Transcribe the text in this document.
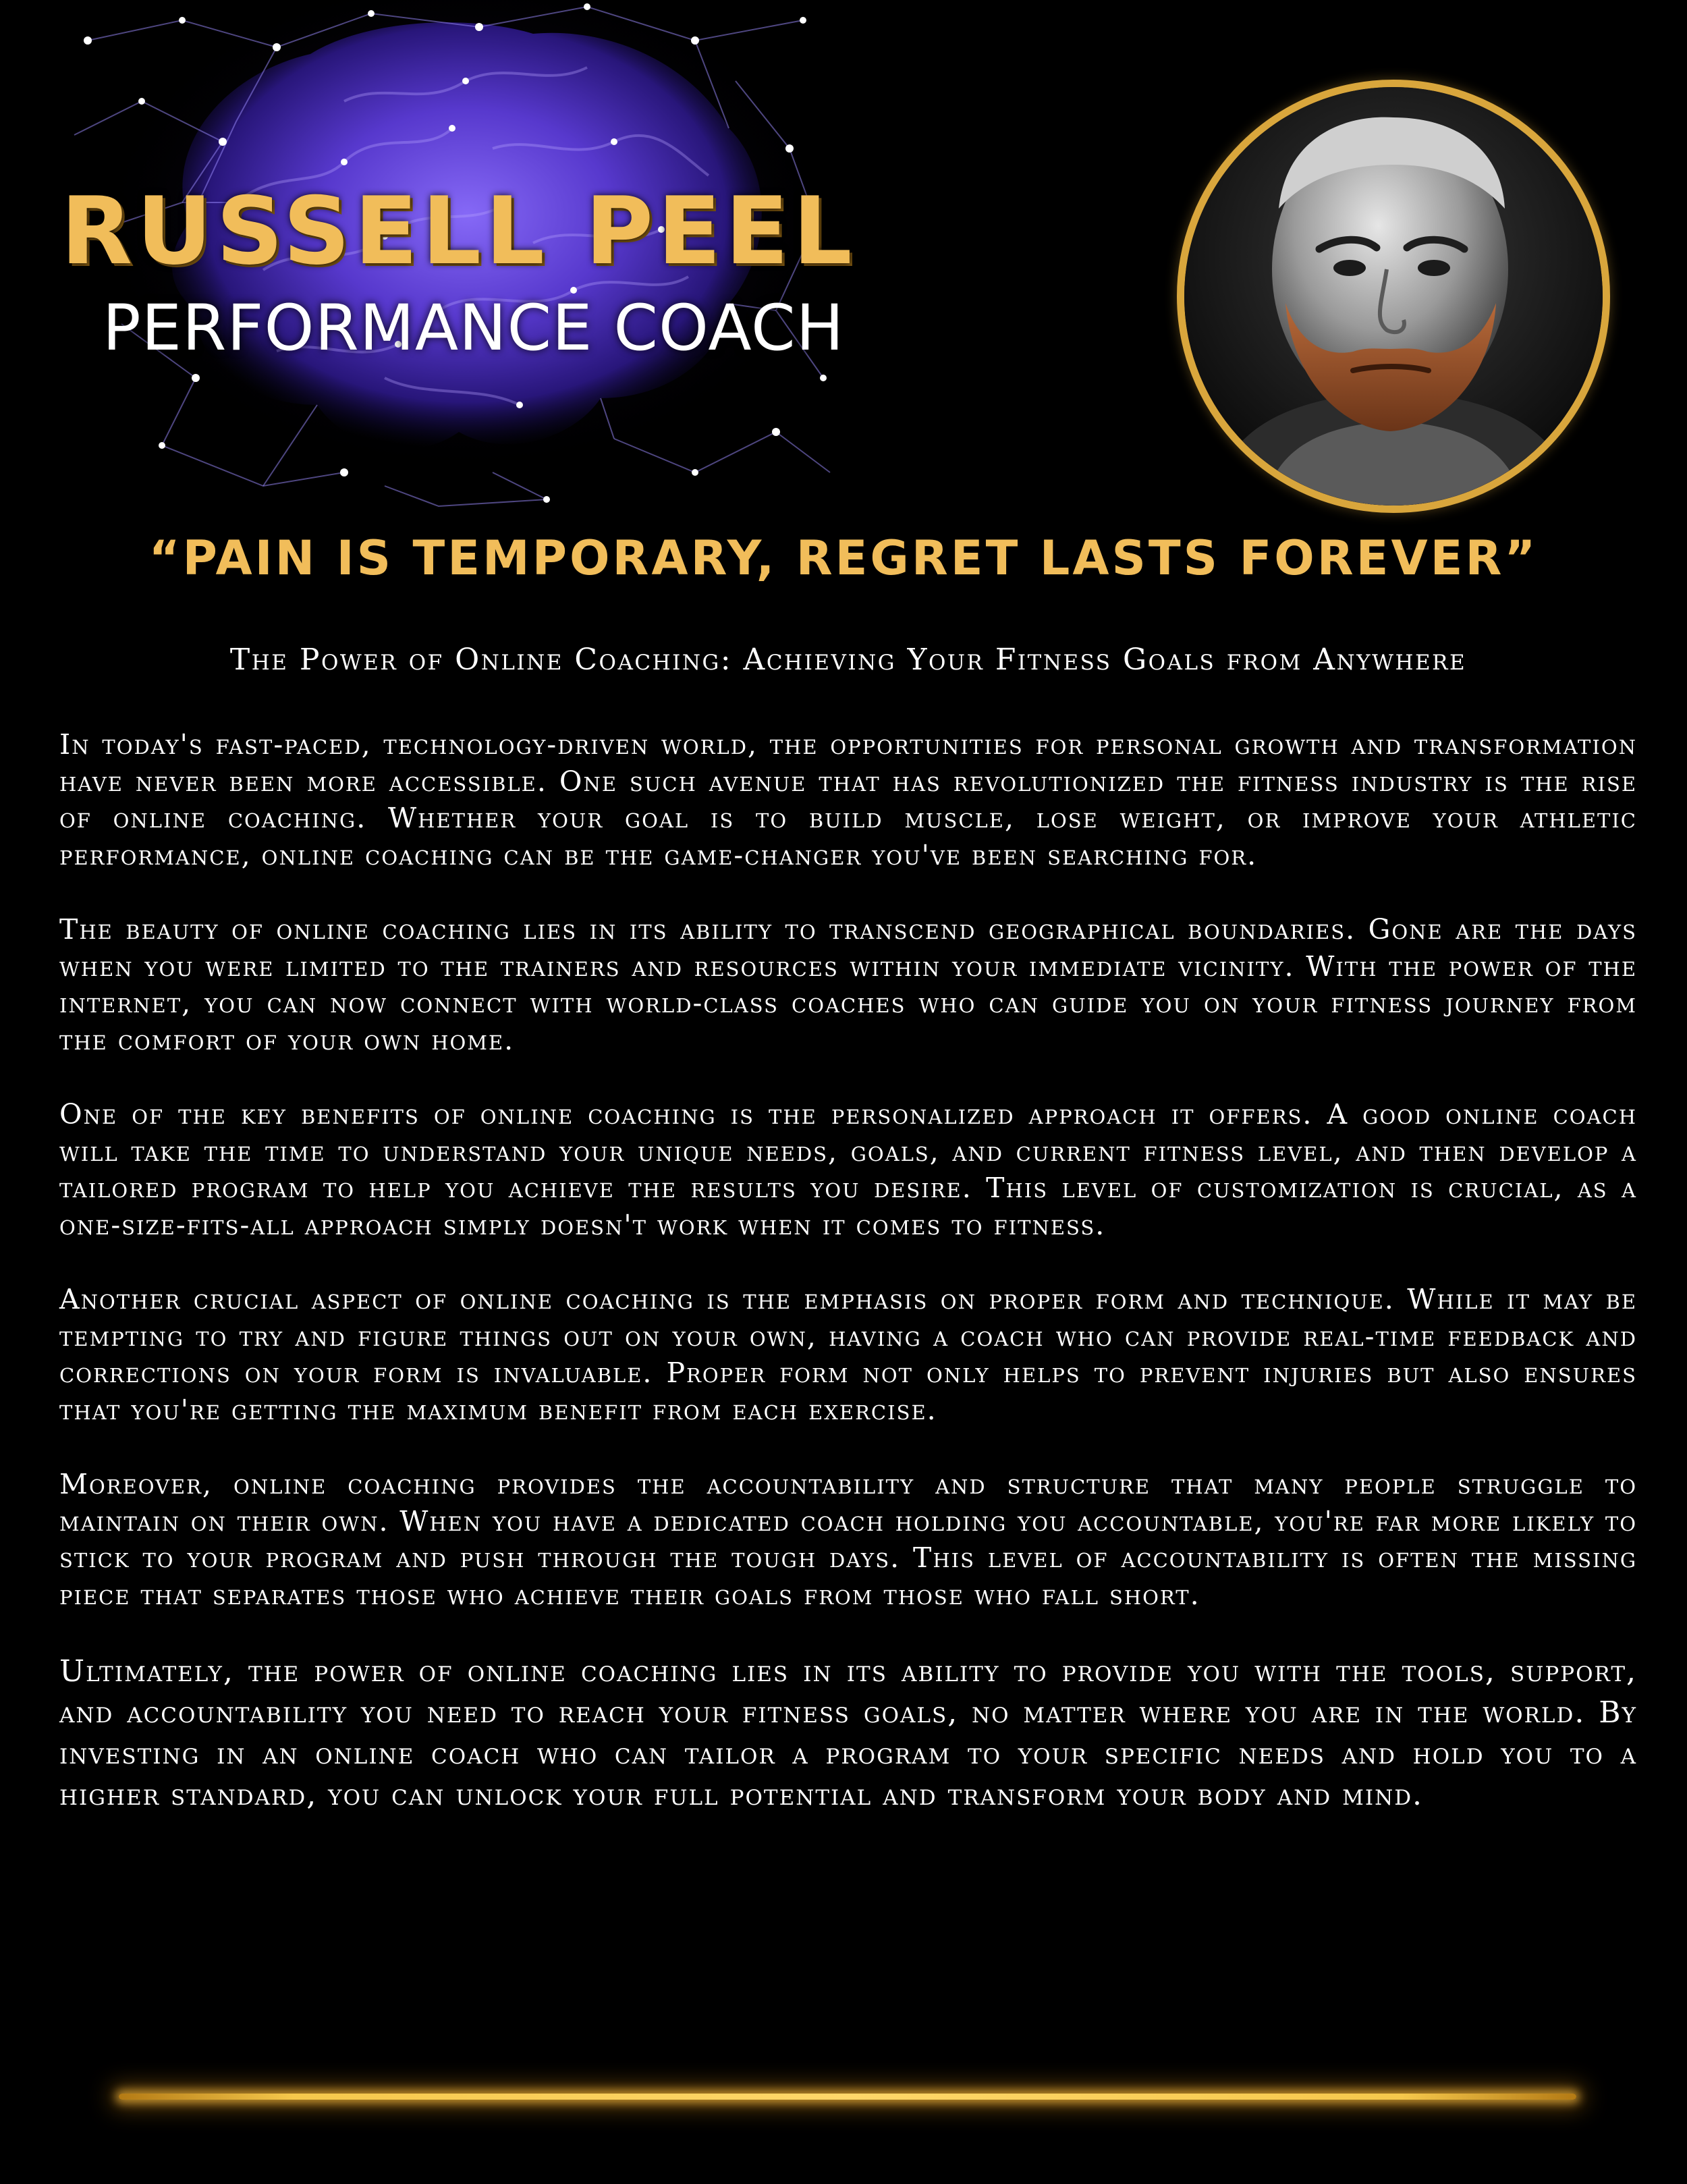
RUSSELL PEEL
PERFORMANCE COACH

“PAIN IS TEMPORARY, REGRET LASTS FOREVER”

The Power of Online Coaching: Achieving Your Fitness Goals from Anywhere

In today's fast-paced, technology-driven world, the opportunities for personal growth and transformation have never been more accessible. One such avenue that has revolutionized the fitness industry is the rise of online coaching. Whether your goal is to build muscle, lose weight, or improve your athletic performance, online coaching can be the game-changer you've been searching for.

The beauty of online coaching lies in its ability to transcend geographical boundaries. Gone are the days when you were limited to the trainers and resources within your immediate vicinity. With the power of the internet, you can now connect with world-class coaches who can guide you on your fitness journey from the comfort of your own home.

One of the key benefits of online coaching is the personalized approach it offers. A good online coach will take the time to understand your unique needs, goals, and current fitness level, and then develop a tailored program to help you achieve the results you desire. This level of customization is crucial, as a one-size-fits-all approach simply doesn't work when it comes to fitness.

Another crucial aspect of online coaching is the emphasis on proper form and technique. While it may be tempting to try and figure things out on your own, having a coach who can provide real-time feedback and corrections on your form is invaluable. Proper form not only helps to prevent injuries but also ensures that you're getting the maximum benefit from each exercise.

Moreover, online coaching provides the accountability and structure that many people struggle to maintain on their own. When you have a dedicated coach holding you accountable, you're far more likely to stick to your program and push through the tough days. This level of accountability is often the missing piece that separates those who achieve their goals from those who fall short.

Ultimately, the power of online coaching lies in its ability to provide you with the tools, support, and accountability you need to reach your fitness goals, no matter where you are in the world. By investing in an online coach who can tailor a program to your specific needs and hold you to a higher standard, you can unlock your full potential and transform your body and mind.
